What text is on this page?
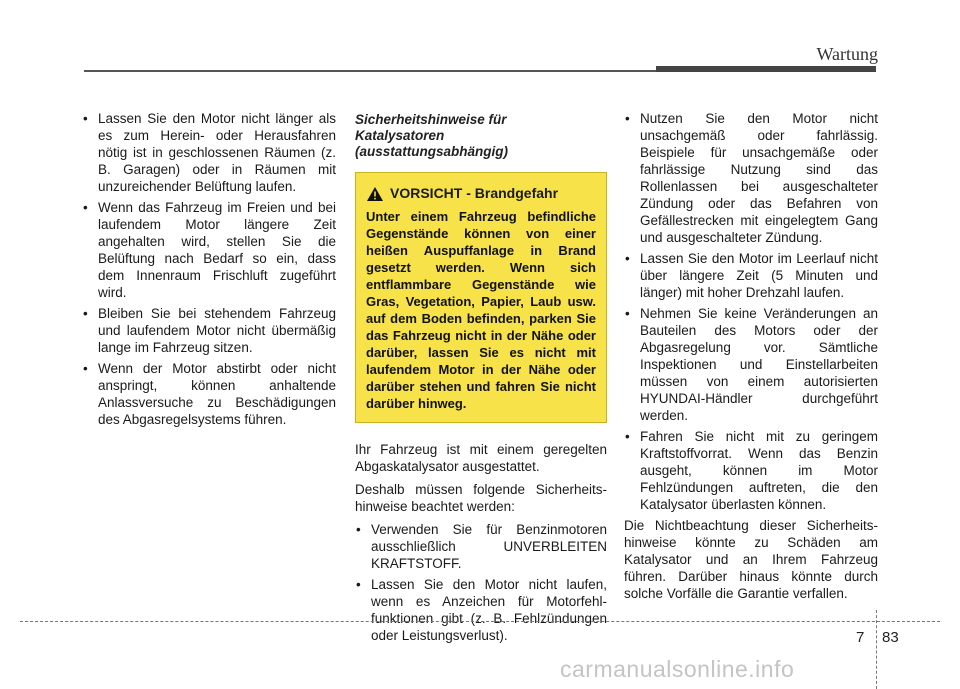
Wartung
• Lassen Sie den Motor nicht länger als es zum Herein- oder Herausfahren nötig ist in geschlossenen Räumen (z. B. Garagen) oder in Räumen mit unzureichender Belüftung laufen.
• Wenn das Fahrzeug im Freien und bei laufendem Motor längere Zeit angehalten wird, stellen Sie die Belüftung nach Bedarf so ein, dass dem Innenraum Frischluft zugeführt wird.
• Bleiben Sie bei stehendem Fahrzeug und laufendem Motor nicht übermäßig lange im Fahrzeug sitzen.
• Wenn der Motor abstirbt oder nicht anspringt, können anhaltende Anlassversuche zu Beschädigungen des Abgasregelsystems führen.
Sicherheitshinweise für
Katalysatoren
(ausstattungsabhängig)
VORSICHT - Brandgefahr
Unter einem Fahrzeug befindliche Gegenstände können von einer heißen Auspuffanlage in Brand gesetzt werden. Wenn sich entflammbare Gegenstände wie Gras, Vegetation, Papier, Laub usw. auf dem Boden befinden, parken Sie das Fahrzeug nicht in der Nähe oder darüber, lassen Sie es nicht mit laufendem Motor in der Nähe oder darüber stehen und fahren Sie nicht darüber hinweg.

Ihr Fahrzeug ist mit einem geregelten Abgaskatalysator ausgestattet.

Deshalb müssen folgende Sicherheits-hinweise beachtet werden:

• Verwenden Sie für Benzinmotoren ausschließlich UNVERBLEITEN KRAFTSTOFF.
• Lassen Sie den Motor nicht laufen, wenn es Anzeichen für Motorfehl-funktionen gibt (z. B. Fehlzündungen oder Leistungsverlust).
• Nutzen Sie den Motor nicht unsachgemäß oder fahrlässig. Beispiele für unsachgemäße oder fahrlässige Nutzung sind das Rollenlassen bei ausgeschalteter Zündung oder das Befahren von Gefällestrecken mit eingelegtem Gang und ausgeschalteter Zündung.
• Lassen Sie den Motor im Leerlauf nicht über längere Zeit (5 Minuten und länger) mit hoher Drehzahl laufen.
• Nehmen Sie keine Veränderungen an Bauteilen des Motors oder der Abgasregelung vor. Sämtliche Inspektionen und Einstellarbeiten müssen von einem autorisierten HYUNDAI-Händler durchgeführt werden.
• Fahren Sie nicht mit zu geringem Kraftstoffvorrat. Wenn das Benzin ausgeht, können im Motor Fehlzündungen auftreten, die den Katalysator überlasten können.

Die Nichtbeachtung dieser Sicherheits-hinweise könnte zu Schäden am Katalysator und an Ihrem Fahrzeug führen. Darüber hinaus könnte durch solche Vorfälle die Garantie verfallen.

7 83
carmanualsonline.info
